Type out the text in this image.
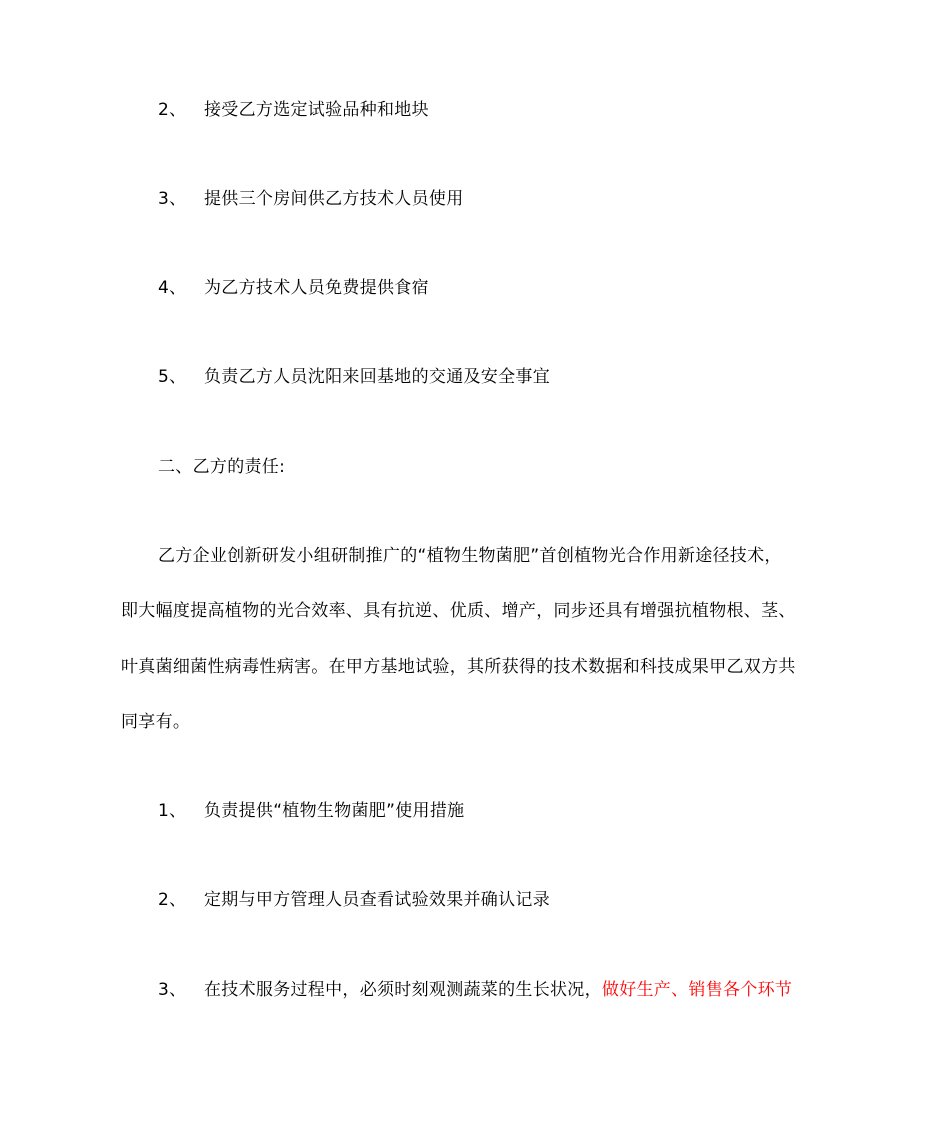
2、 接受乙方选定试验品种和地块
3、 提供三个房间供乙方技术人员使用
4、 为乙方技术人员免费提供食宿
5、 负责乙方人员沈阳来回基地的交通及安全事宜
二、乙方的责任:
乙方企业创新研发小组研制推广的“植物生物菌肥”首创植物光合作用新途径技术，
即大幅度提高植物的光合效率、具有抗逆、优质、增产，同步还具有增强抗植物根、茎、
叶真菌细菌性病毒性病害。在甲方基地试验，其所获得的技术数据和科技成果甲乙双方共
同享有。
1、 负责提供“植物生物菌肥”使用措施
2、 定期与甲方管理人员查看试验效果并确认记录
3、 在技术服务过程中，必须时刻观测蔬菜的生长状况，做好生产、销售各个环节
